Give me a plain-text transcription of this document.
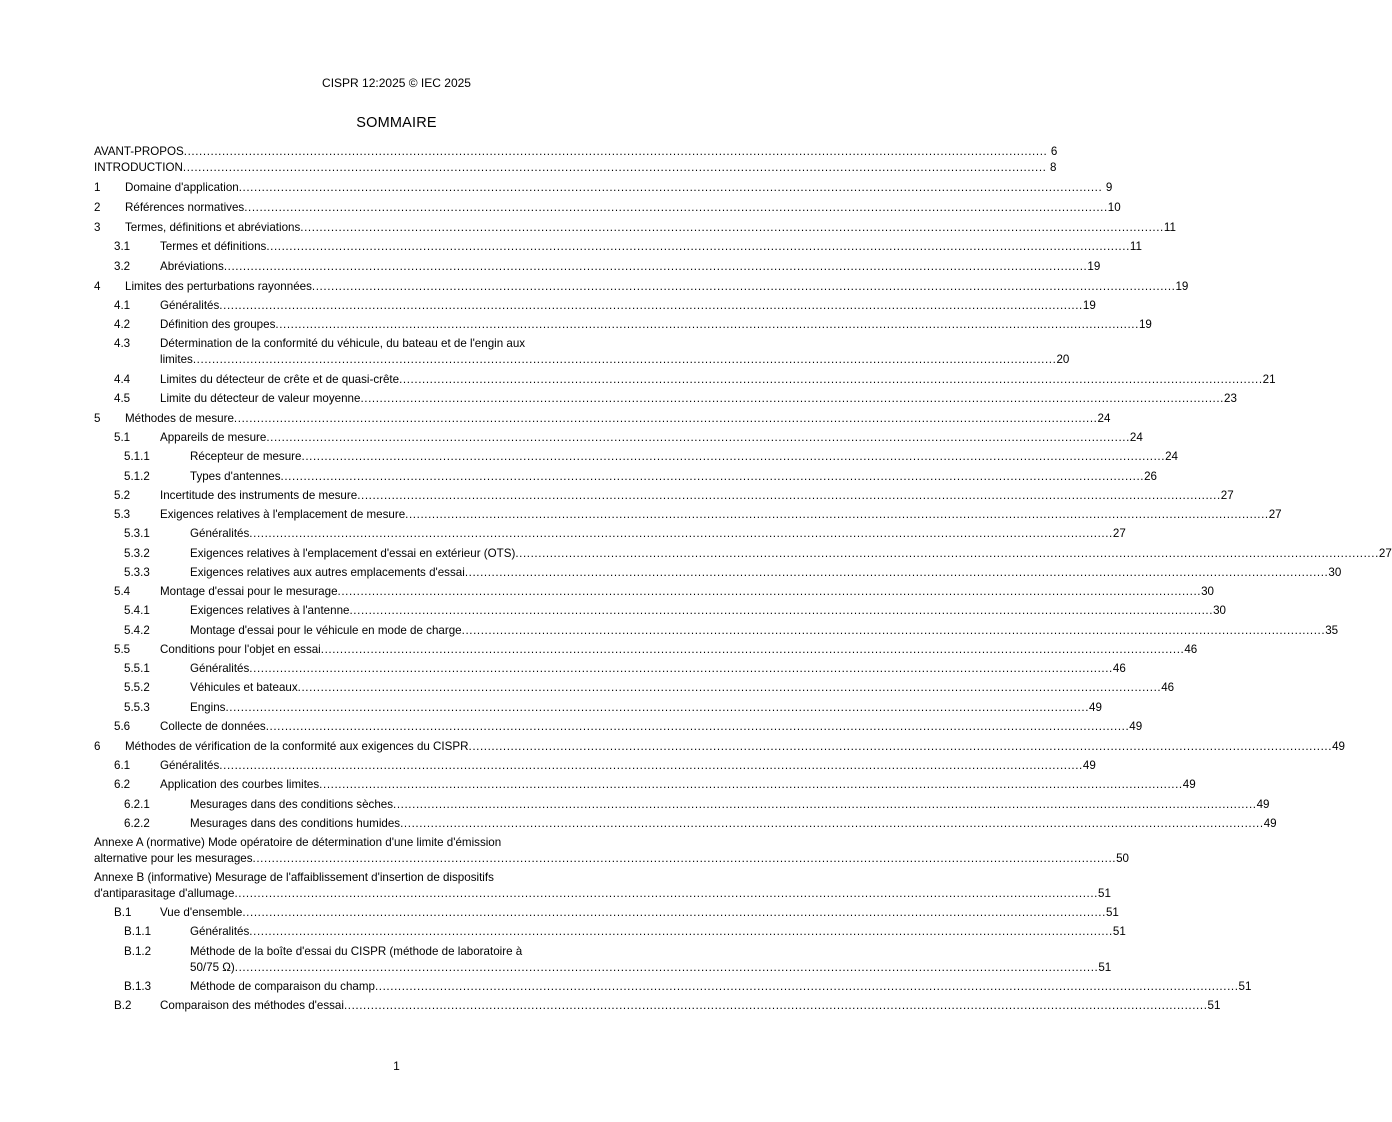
CISPR 12:2025 © IEC 2025
SOMMAIRE
AVANT-PROPOS .....	6
INTRODUCTION .....	8
1 Domaine d'application .....	9
2 Références normatives .....	10
3 Termes, définitions et abréviations .....	11
3.1	Termes et définitions .....	11
3.2	Abréviations .....	19
4 Limites des perturbations rayonnées .....	19
4.1	Généralités .....	19
4.2	Définition des groupes .....	19
4.3	Détermination de la conformité du véhicule, du bateau et de l'engin aux
limites .....	20
4.4	Limites du détecteur de crête et de quasi-crête .....	21
4.5	Limite du détecteur de valeur moyenne .....	23
5 Méthodes de mesure .....	24
5.1	Appareils de mesure .....	24
5.1.1	Récepteur de mesure .....	24
5.1.2	Types d'antennes .....	26
5.2	Incertitude des instruments de mesure .....	27
5.3	Exigences relatives à l'emplacement de mesure .....	27
5.3.1	Généralités .....	27
5.3.2	Exigences relatives à l'emplacement d'essai en extérieur (OTS) .....	27
5.3.3	Exigences relatives aux autres emplacements d'essai .....	30
5.4	Montage d'essai pour le mesurage .....	30
5.4.1	Exigences relatives à l'antenne .....	30
5.4.2	Montage d'essai pour le véhicule en mode de charge .....	35
5.5	Conditions pour l'objet en essai .....	46
5.5.1	Généralités .....	46
5.5.2	Véhicules et bateaux .....	46
5.5.3	Engins .....	49
5.6	Collecte de données .....	49
6 Méthodes de vérification de la conformité aux exigences du CISPR .....	49
6.1	Généralités .....	49
6.2	Application des courbes limites .....	49
6.2.1	Mesurages dans des conditions sèches .....	49
6.2.2	Mesurages dans des conditions humides .....	49
Annexe A (normative) Mode opératoire de détermination d'une limite d'émission
alternative pour les mesurages .....	50
Annexe B (informative) Mesurage de l'affaiblissement d'insertion de dispositifs
d'antiparasitage d'allumage .....	51
B.1 Vue d'ensemble .....	51
B.1.1	Généralités .....	51
B.1.2	Méthode de la boîte d'essai du CISPR (méthode de laboratoire à
50/75 Ω) .....	51
B.1.3	Méthode de comparaison du champ .....	51
B.2 Comparaison des méthodes d'essai .....	51
1
